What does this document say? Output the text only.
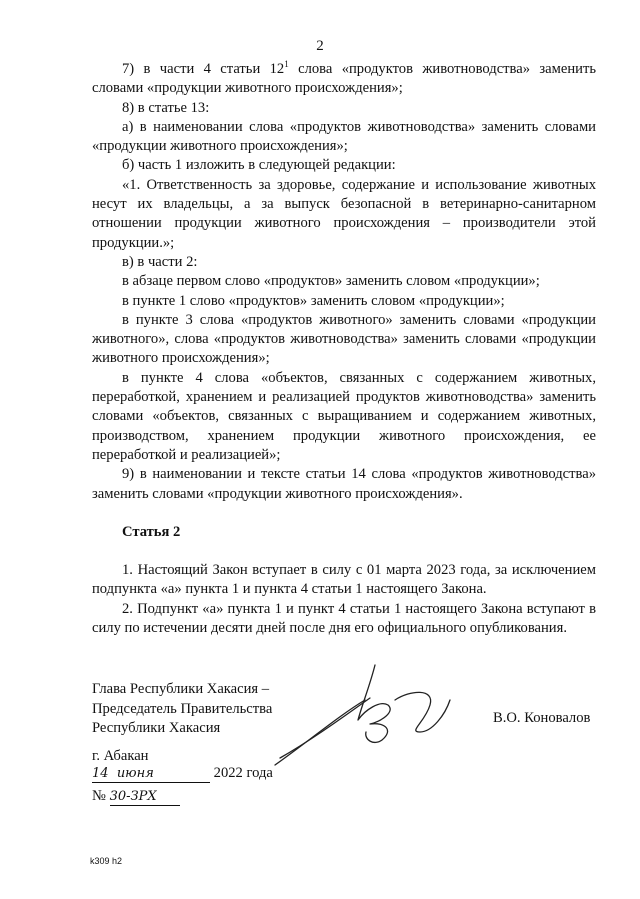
2

7) в части 4 статьи $12^1$ слова «продуктов животноводства» заменить словами «продукции животного происхождения»;

8) в статье 13:

а) в наименовании слова «продуктов животноводства» заменить словами «продукции животного происхождения»;

б) часть 1 изложить в следующей редакции:

«1. Ответственность за здоровье, содержание и использование животных несут их владельцы, а за выпуск безопасной в ветеринарно-санитарном отношении продукции животного происхождения – производители этой продукции.»;

в) в части 2:

в абзаце первом слово «продуктов» заменить словом «продукции»;

в пункте 1 слово «продуктов» заменить словом «продукции»;

в пункте 3 слова «продуктов животного» заменить словами «продукции животного», слова «продуктов животноводства» заменить словами «продукции животного происхождения»;

в пункте 4 слова «объектов, связанных с содержанием животных, переработкой, хранением и реализацией продуктов животноводства» заменить словами «объектов, связанных с выращиванием и содержанием животных, производством, хранением продукции животного происхождения, ее переработкой и реализацией»;

9) в наименовании и тексте статьи 14 слова «продуктов животноводства» заменить словами «продукции животного происхождения».

Статья 2

1. Настоящий Закон вступает в силу с 01 марта 2023 года, за исключением подпункта «а» пункта 1 и пункта 4 статьи 1 настоящего Закона.

2. Подпункт «а» пункта 1 и пункт 4 статьи 1 настоящего Закона вступают в силу по истечении десяти дней после дня его официального опубликования.

Глава Республики Хакасия –
Председатель Правительства
Республики Хакасия
В.О. Коновалов
г. Абакан
14 июня	2022 года
№ 30-ЗРХ
k309 h2
